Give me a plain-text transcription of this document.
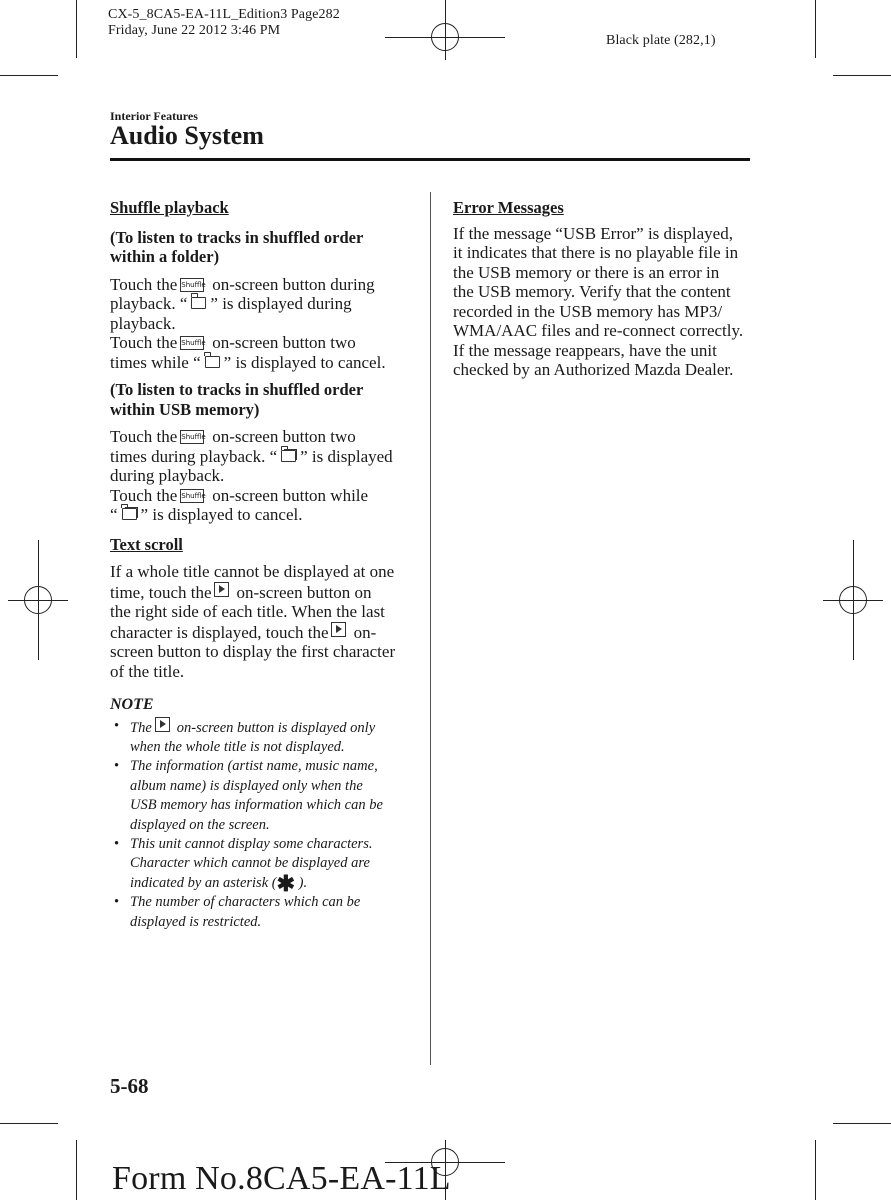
CX-5_8CA5-EA-11L_Edition3 Page282
Friday, June 22 2012 3:46 PM
Black plate (282,1)
Interior Features
Audio System
Shuffle playback
(To listen to tracks in shuffled order
within a folder)
Touch the Shuffle on-screen button during
playback. “ ” is displayed during
playback.
Touch the Shuffle on-screen button two
times while “ ” is displayed to cancel.
(To listen to tracks in shuffled order
within USB memory)
Touch the Shuffle on-screen button two
times during playback. “ ” is displayed
during playback.
Touch the Shuffle on-screen button while
“ ” is displayed to cancel.
Text scroll
If a whole title cannot be displayed at one
time, touch the on-screen button on
the right side of each title. When the last
character is displayed, touch the on-
screen button to display the first character
of the title.
NOTE
• The on-screen button is displayed only
when the whole title is not displayed.
• The information (artist name, music name,
album name) is displayed only when the
USB memory has information which can be
displayed on the screen.
• This unit cannot display some characters.
Character which cannot be displayed are
indicated by an asterisk (✱ ).
• The number of characters which can be
displayed is restricted.
Error Messages
If the message “USB Error” is displayed,
it indicates that there is no playable file in
the USB memory or there is an error in
the USB memory. Verify that the content
recorded in the USB memory has MP3/
WMA/AAC files and re-connect correctly.
If the message reappears, have the unit
checked by an Authorized Mazda Dealer.
5-68
Form No.8CA5-EA-11L
